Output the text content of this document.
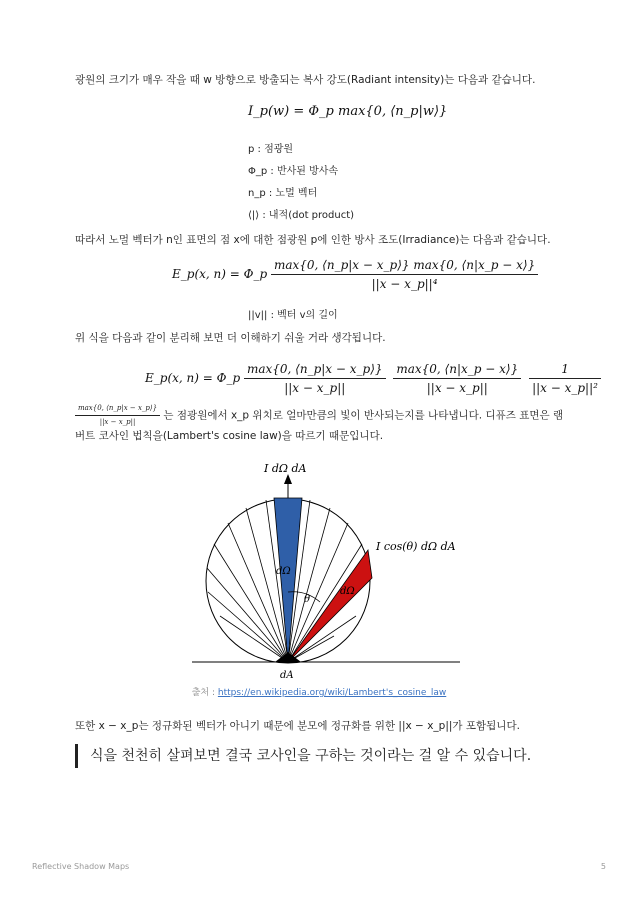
광원의 크기가 매우 작을 때 w 방향으로 방출되는 복사 강도(Radiant intensity)는 다음과 같습니다.

I_p(w) = Φ_p max{0, ⟨n_p|w⟩}
p : 점광원
Φ_p : 반사된 방사속
n_p : 노멀 벡터
⟨|⟩ : 내적(dot product)

따라서 노멀 벡터가 n인 표면의 점 x에 대한 점광원 p에 인한 방사 조도(Irradiance)는 다음과 같습니다.

E_p(x, n) = Φ_p $\frac{\max\{0, ⟨n\_p|x - x\_p⟩\} \max\{0, ⟨n|x\_p - x⟩\}}{\text{||x − x\_p||⁴}}$
||v|| : 벡터 v의 길이

위 식을 다음과 같이 분리해 보면 더 이해하기 쉬울 거라 생각됩니다.

E_p(x, n) = Φ_p $\frac{\max\{0, ⟨n\_p|x - x\_p⟩\}}{||x - x\_p||}$
$\frac{\max\{0, ⟨n|x\_p - x⟩\}}{||x - x\_p||}$
$\frac{1}{\text{||x − x\_p||²}}$
$\frac{\max\{0, ⟨n\_p|x - x\_p⟩\}}{||x - x\_p||}$ 는 점광원에서 x_p 위치로 얼마만큼의 빛이 반사되는지를 나타냅니다. 디퓨즈 표면은 램버트 코사인 법칙을(Lambert's cosine law)을 따르기 때문입니다.
I dΩ dA
I cos(θ) dΩ dA
dΩ
dΩ
θ
dA
출처 : https://en.wikipedia.org/wiki/Lambert's_cosine_law

또한 x − x_p는 정규화된 벡터가 아니기 때문에 분모에 정규화를 위한 ||x − x_p||가 포함됩니다.

식을 천천히 살펴보면 결국 코사인을 구하는 것이라는 걸 알 수 있습니다.
Reflective Shadow Maps	5
